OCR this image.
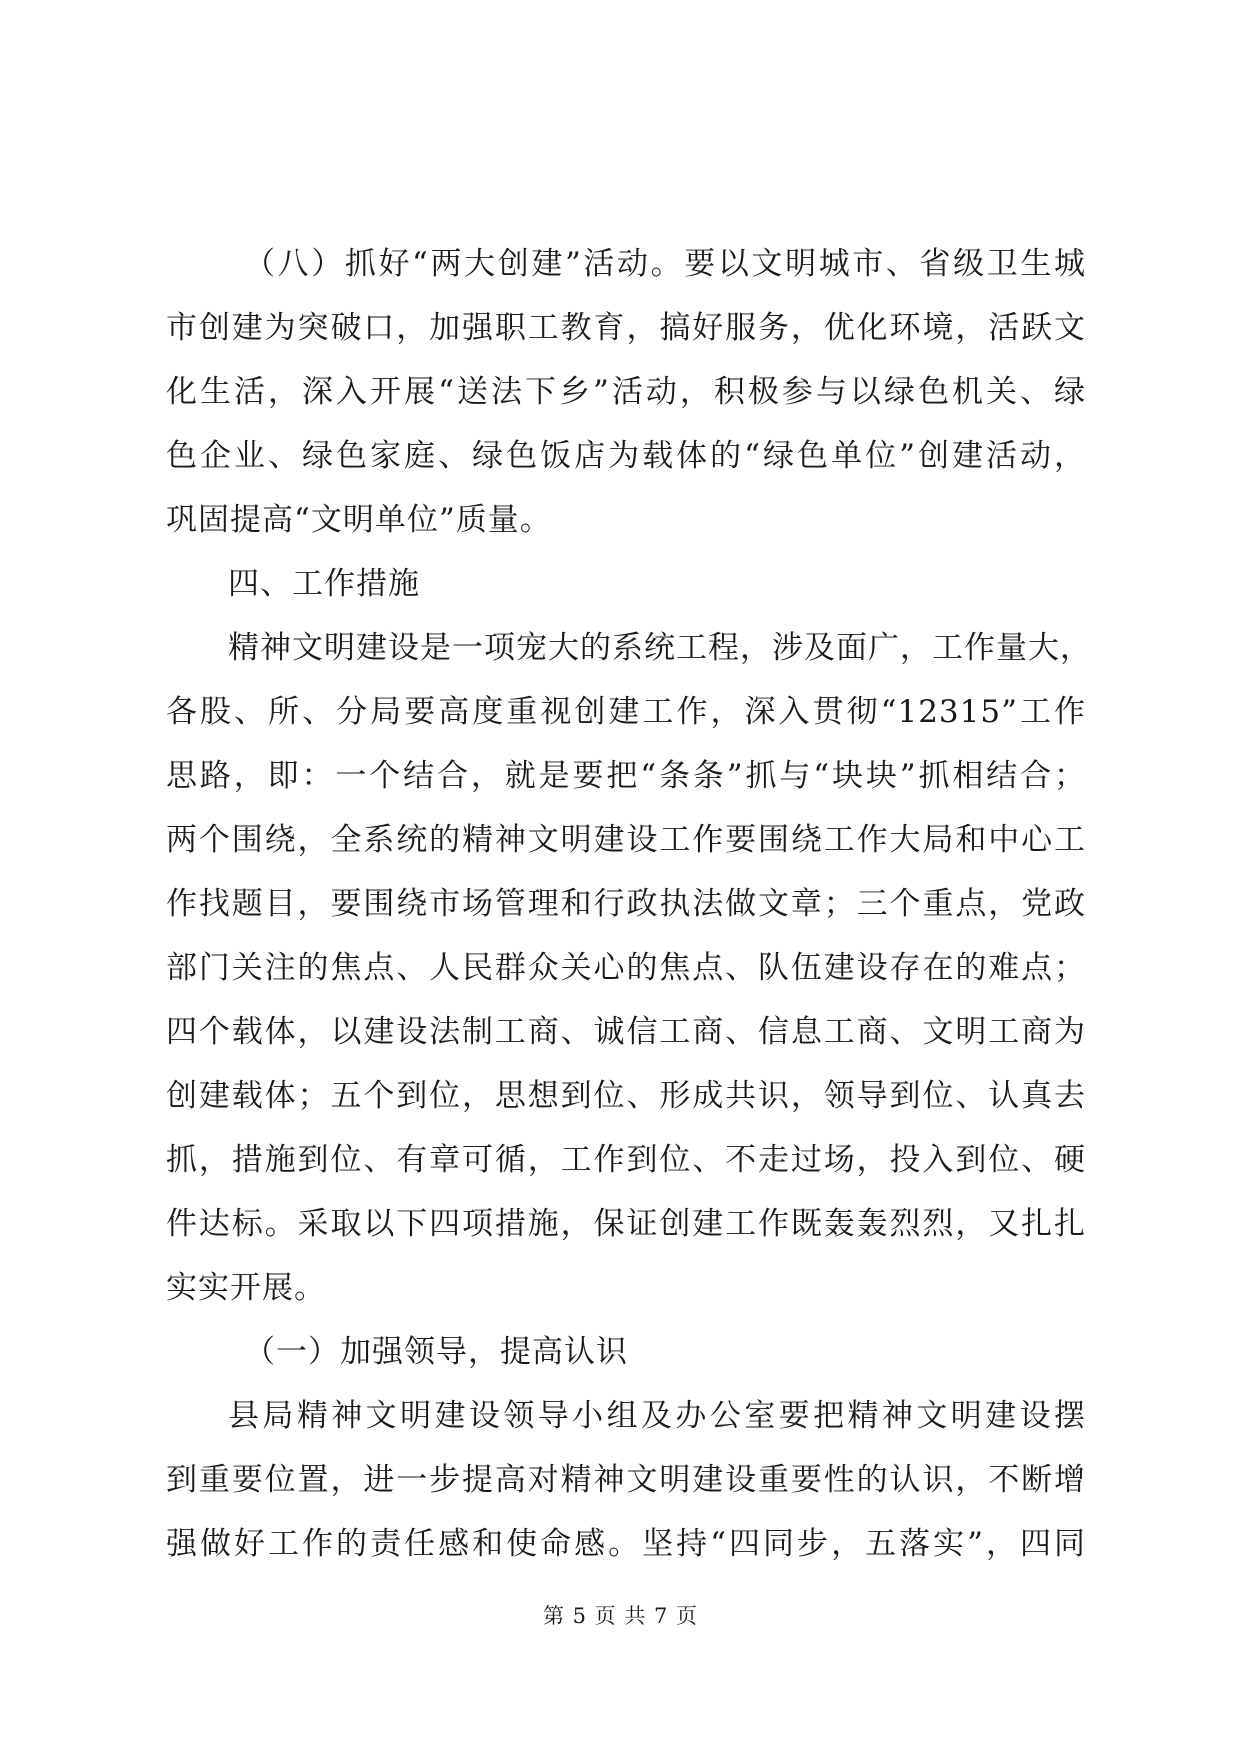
（八）抓好“两大创建”活动。要以文明城市、省级卫生城
市创建为突破口，加强职工教育，搞好服务，优化环境，活跃文
化生活，深入开展“送法下乡”活动，积极参与以绿色机关、绿
色企业、绿色家庭、绿色饭店为载体的“绿色单位”创建活动，
巩固提高“文明单位”质量。
四、工作措施
精神文明建设是一项宠大的系统工程，涉及面广，工作量大，
各股、所、分局要高度重视创建工作，深入贯彻“12315”工作
思路，即：一个结合，就是要把“条条”抓与“块块”抓相结合；
两个围绕，全系统的精神文明建设工作要围绕工作大局和中心工
作找题目，要围绕市场管理和行政执法做文章；三个重点，党政
部门关注的焦点、人民群众关心的焦点、队伍建设存在的难点；
四个载体，以建设法制工商、诚信工商、信息工商、文明工商为
创建载体；五个到位，思想到位、形成共识，领导到位、认真去
抓，措施到位、有章可循，工作到位、不走过场，投入到位、硬
件达标。采取以下四项措施，保证创建工作既轰轰烈烈，又扎扎
实实开展。
（一）加强领导，提高认识
县局精神文明建设领导小组及办公室要把精神文明建设摆
到重要位置，进一步提高对精神文明建设重要性的认识，不断增
强做好工作的责任感和使命感。坚持“四同步，五落实”，四同
第 5 页 共 7 页
